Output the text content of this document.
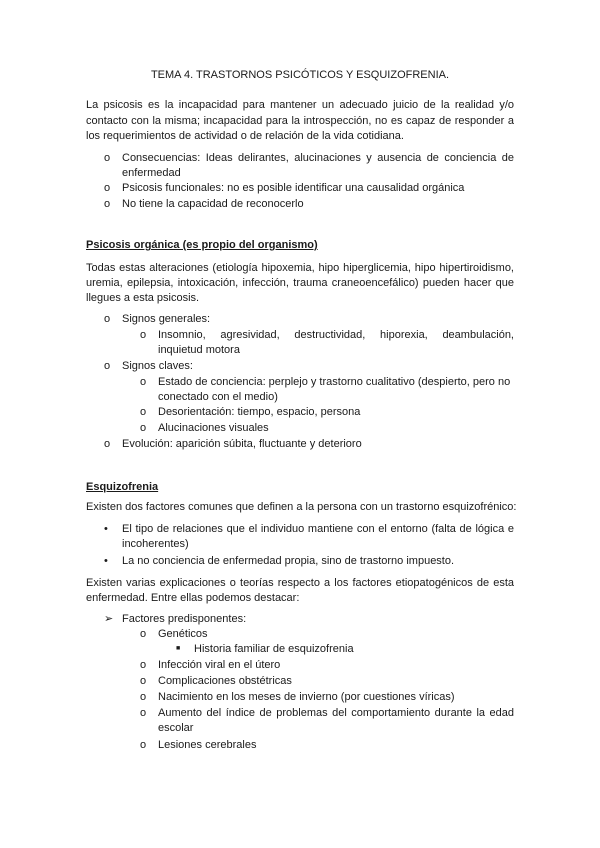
TEMA 4. TRASTORNOS PSICÓTICOS Y ESQUIZOFRENIA.
La psicosis es la incapacidad para mantener un adecuado juicio de la realidad y/o
contacto con la misma; incapacidad para la introspección, no es capaz de responder a
los requerimientos de actividad o de relación de la vida cotidiana.
o Consecuencias: Ideas delirantes, alucinaciones y ausencia de conciencia de
enfermedad
o Psicosis funcionales: no es posible identificar una causalidad orgánica
o No tiene la capacidad de reconocerlo
Psicosis orgánica (es propio del organismo)
Todas estas alteraciones (etiología hipoxemia, hipo hiperglicemia, hipo hipertiroidismo,
uremia, epilepsia, intoxicación, infección, trauma craneoencefálico) pueden hacer que
llegues a esta psicosis.
o Signos generales:
o Insomnio, agresividad, destructividad, hiporexia, deambulación,
inquietud motora
o Signos claves:
o Estado de conciencia: perplejo y trastorno cualitativo (despierto, pero no
conectado con el medio)
o Desorientación: tiempo, espacio, persona
o Alucinaciones visuales
o Evolución: aparición súbita, fluctuante y deterioro
Esquizofrenia
Existen dos factores comunes que definen a la persona con un trastorno esquizofrénico:
• El tipo de relaciones que el individuo mantiene con el entorno (falta de lógica e
incoherentes)
• La no conciencia de enfermedad propia, sino de trastorno impuesto.
Existen varias explicaciones o teorías respecto a los factores etiopatogénicos de esta
enfermedad. Entre ellas podemos destacar:
➢ Factores predisponentes:
o Genéticos
■ Historia familiar de esquizofrenia
o Infección viral en el útero
o Complicaciones obstétricas
o Nacimiento en los meses de invierno (por cuestiones víricas)
o Aumento del índice de problemas del comportamiento durante la edad
escolar
o Lesiones cerebrales
